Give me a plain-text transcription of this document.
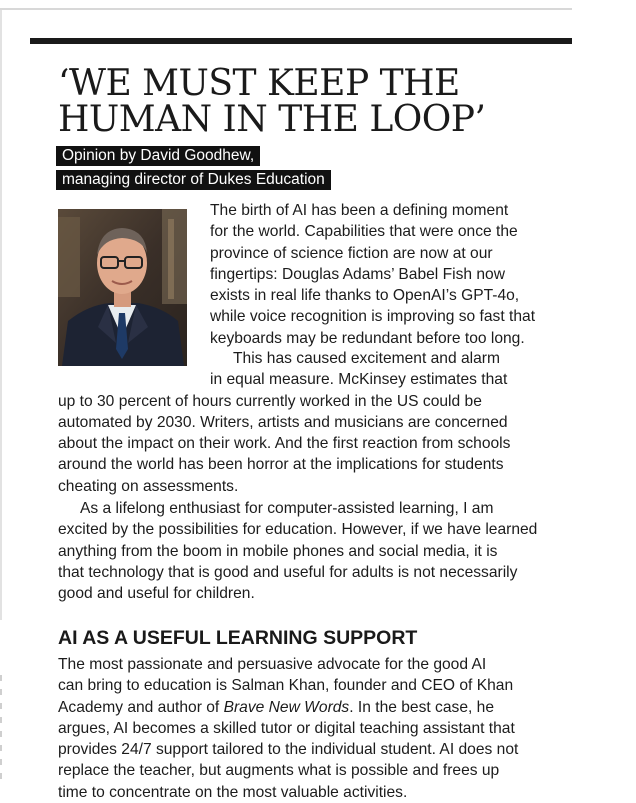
‘WE MUST KEEP THE
HUMAN IN THE LOOP’
Opinion by David Goodhew,
managing director of Dukes Education
The birth of AI has been a defining moment
for the world. Capabilities that were once the
province of science fiction are now at our
fingertips: Douglas Adams’ Babel Fish now
exists in real life thanks to OpenAI’s GPT-4o,
while voice recognition is improving so fast that
keyboards may be redundant before too long.
This has caused excitement and alarm
in equal measure. McKinsey estimates that
up to 30 percent of hours currently worked in the US could be
automated by 2030. Writers, artists and musicians are concerned
about the impact on their work. And the first reaction from schools
around the world has been horror at the implications for students
cheating on assessments.
As a lifelong enthusiast for computer-assisted learning, I am
excited by the possibilities for education. However, if we have learned
anything from the boom in mobile phones and social media, it is
that technology that is good and useful for adults is not necessarily
good and useful for children.
AI AS A USEFUL LEARNING SUPPORT
The most passionate and persuasive advocate for the good AI
can bring to education is Salman Khan, founder and CEO of Khan
Academy and author of Brave New Words. In the best case, he
argues, AI becomes a skilled tutor or digital teaching assistant that
provides 24/7 support tailored to the individual student. AI does not
replace the teacher, but augments what is possible and frees up
time to concentrate on the most valuable activities.
